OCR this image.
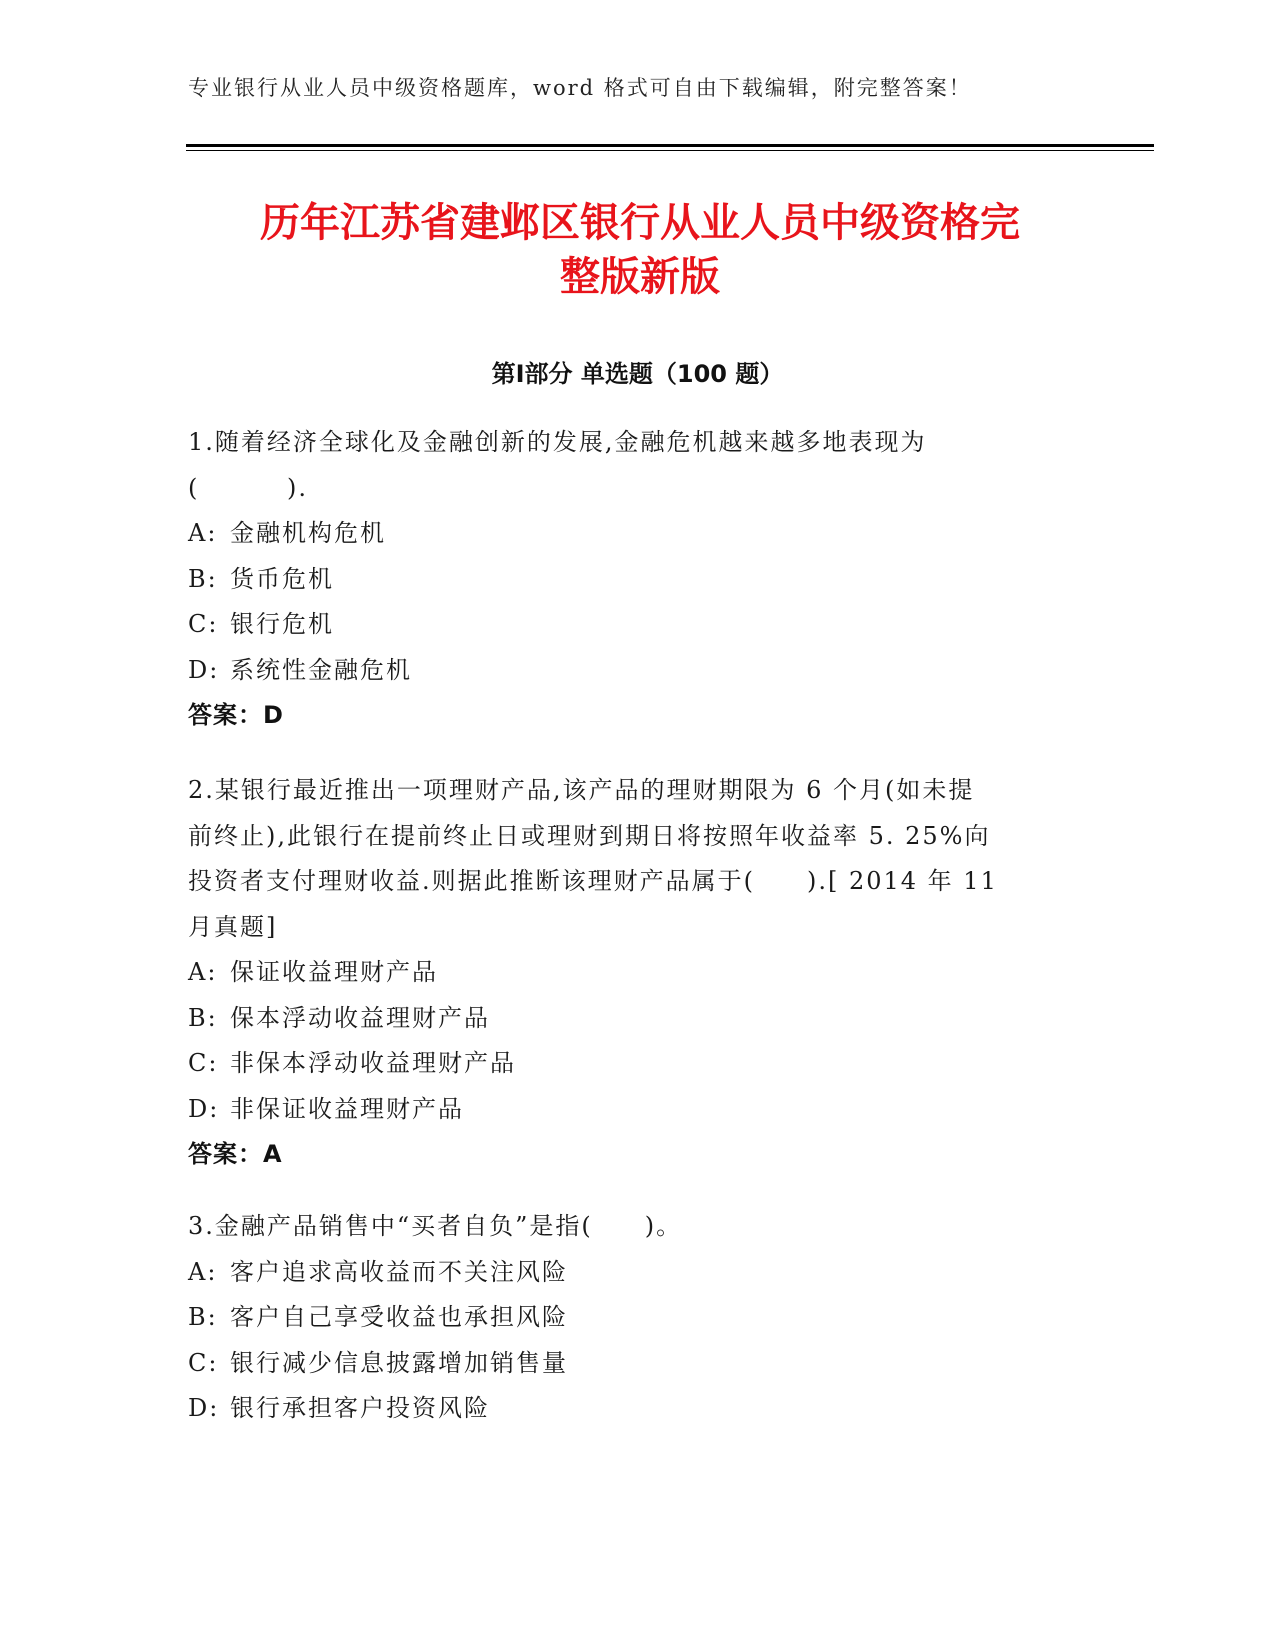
专业银行从业人员中级资格题库，word 格式可自由下载编辑，附完整答案！
历年江苏省建邺区银行从业人员中级资格完
整版新版
第Ⅰ部分 单选题（100 题）
1.随着经济全球化及金融创新的发展,金融危机越来越多地表现为
(　　　 ).
A: 金融机构危机
B: 货币危机
C: 银行危机
D: 系统性金融危机
答案：D
2.某银行最近推出一项理财产品,该产品的理财期限为 6 个月(如未提
前终止),此银行在提前终止日或理财到期日将按照年收益率 5. 25%向
投资者支付理财收益.则据此推断该理财产品属于(　　).[ 2014 年 11
月真题]
A: 保证收益理财产品
B: 保本浮动收益理财产品
C: 非保本浮动收益理财产品
D: 非保证收益理财产品
答案：A
3.金融产品销售中“买者自负”是指(　　)。
A: 客户追求高收益而不关注风险
B: 客户自己享受收益也承担风险
C: 银行减少信息披露增加销售量
D: 银行承担客户投资风险
